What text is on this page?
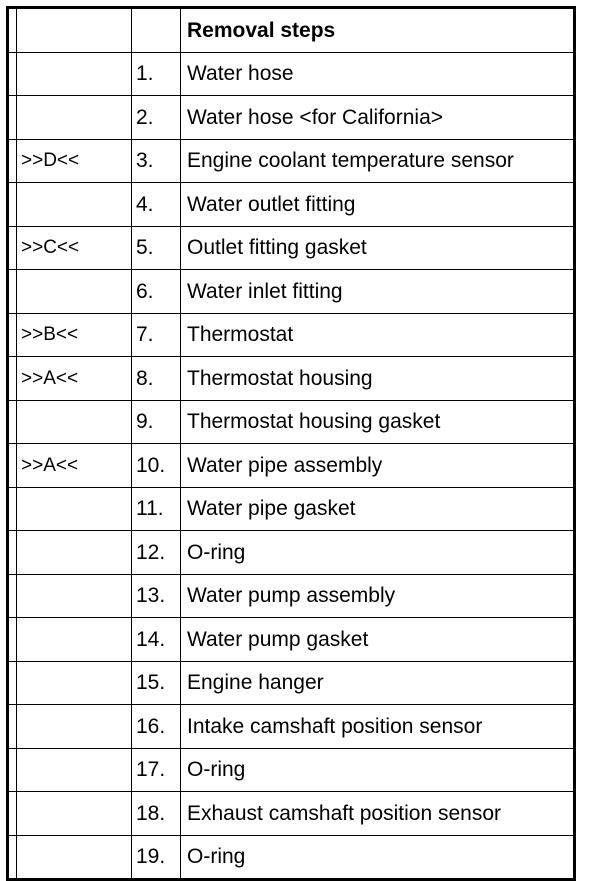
			Removal steps
		1.	Water hose
		2.	Water hose <for California>
	>>D<<	3.	Engine coolant temperature sensor
		4.	Water outlet fitting
	>>C<<	5.	Outlet fitting gasket
		6.	Water inlet fitting
	>>B<<	7.	Thermostat
	>>A<<	8.	Thermostat housing
		9.	Thermostat housing gasket
	>>A<<	10.	Water pipe assembly
		11.	Water pipe gasket
		12.	O-ring
		13.	Water pump assembly
		14.	Water pump gasket
		15.	Engine hanger
		16.	Intake camshaft position sensor
		17.	O-ring
		18.	Exhaust camshaft position sensor
		19.	O-ring
